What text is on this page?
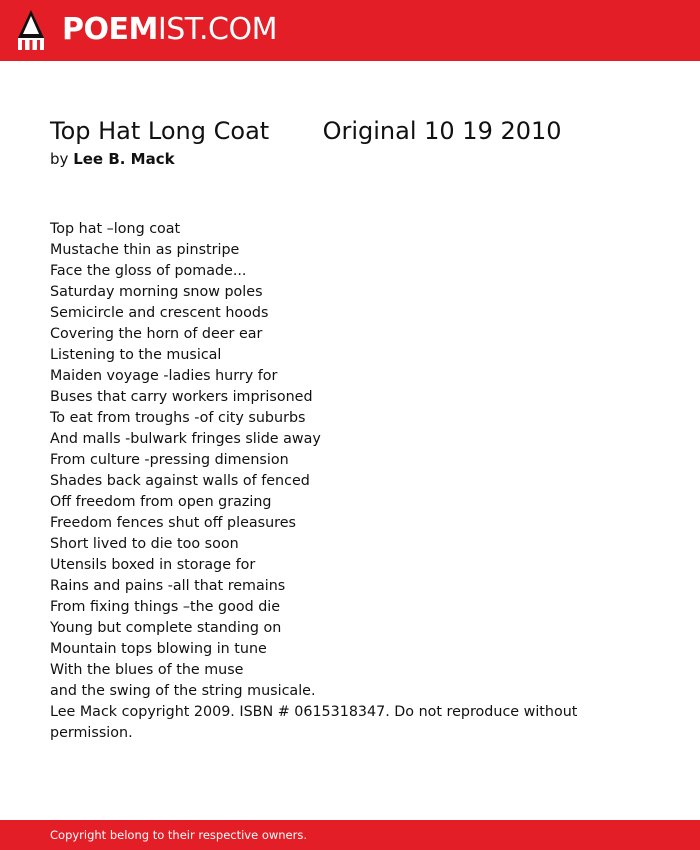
POEMIST.COM
Top Hat Long Coat       Original 10 19 2010
by Lee B. Mack
Top hat –long coat
Mustache thin as pinstripe
Face the gloss of pomade...
Saturday morning snow poles
Semicircle and crescent hoods
Covering the horn of deer ear
Listening to the musical
Maiden voyage -ladies hurry for
Buses that carry workers imprisoned
To eat from troughs -of city suburbs
And malls -bulwark fringes slide away
From culture -pressing dimension
Shades back against walls of fenced
Off freedom from open grazing
Freedom fences shut off pleasures
Short lived to die too soon
Utensils boxed in storage for
Rains and pains -all that remains
From fixing things –the good die
Young but complete standing on
Mountain tops blowing in tune
With the blues of the muse
and the swing of the string musicale.
Lee Mack copyright 2009. ISBN # 0615318347. Do not reproduce without permission.
Copyright belong to their respective owners.
